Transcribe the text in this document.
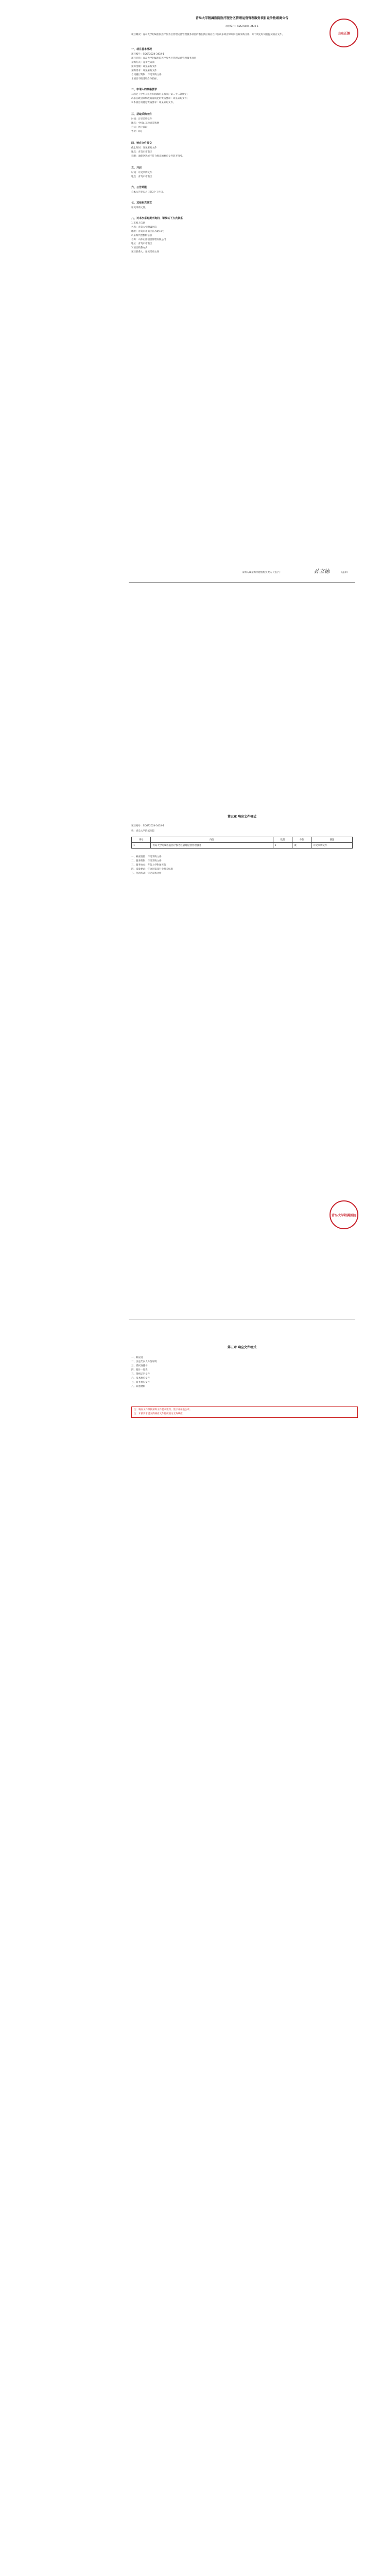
青岛大学附属医院医疗服务区管理运营管理服务项目竞争性磋商公告
项目编号：SDGP2024-3432-1
项目概况：青岛大学附属医院医疗服务区管理运营管理服务项目的潜在供应商应在中国山东政府采购网获取采购文件，并于规定时间前提交响应文件。	山东正源
一、项目基本情况
项目编号：SDGP2024-3432-1
项目名称：青岛大学附属医院医疗服务区管理运营管理服务项目
采购方式：竞争性磋商
预算金额：详见采购文件
采购需求：详见采购文件
合同履行期限：详见采购文件
本项目不接受联合体投标。
二、申请人的资格要求
1.满足《中华人民共和国政府采购法》第二十二条规定；
2.落实政府采购政策需满足的资格要求：详见采购文件；
3.本项目的特定资格要求：详见采购文件。
三、获取采购文件
时间：详见采购文件
地点：中国山东政府采购网
方式：网上获取
售价：0元
四、响应文件提交
截止时间：详见采购文件
地点：青岛市市南区
说明：逾期送达或不符合规定的响应文件恕不接受。
五、开启
时间：详见采购文件
地点：青岛市市南区
六、公告期限
自本公告发布之日起3个工作日。
七、其他补充事宜
详见采购文件。
八、对本次采购提出询问，请按以下方式联系
1.采购人信息
名称：青岛大学附属医院
地址：青岛市市南区江苏路16号
2.采购代理机构信息
名称：山东正源项目管理有限公司
地址：青岛市市南区
3.项目联系方式
项目联系人：详见采购文件
采购人或采购代理机构负责人（签字）：	孙立德	（盖章）
第五章 响应文件格式
项目编号：SDGP2024-3432-1
致：青岛大学附属医院
序号	内容	数量	单位	备注
1	青岛大学附属医院医疗服务区管理运营管理服务	1	项	详见采购文件
一、响应报价：详见采购文件
二、服务期限：详见采购文件
三、服务地点：青岛大学附属医院
四、质量要求：符合国家及行业相关标准
五、付款方式：详见采购文件
青岛大学附属医院
第五章 响应文件格式
一、响应函
二、法定代表人身份证明
三、授权委托书
四、报价一览表
五、资格证明文件
六、技术响应文件
七、商务响应文件
八、其他材料
注：响应文件须按采购文件要求密封、签字并加盖公章。
注：未按要求提交的响应文件将被视为无效响应。
